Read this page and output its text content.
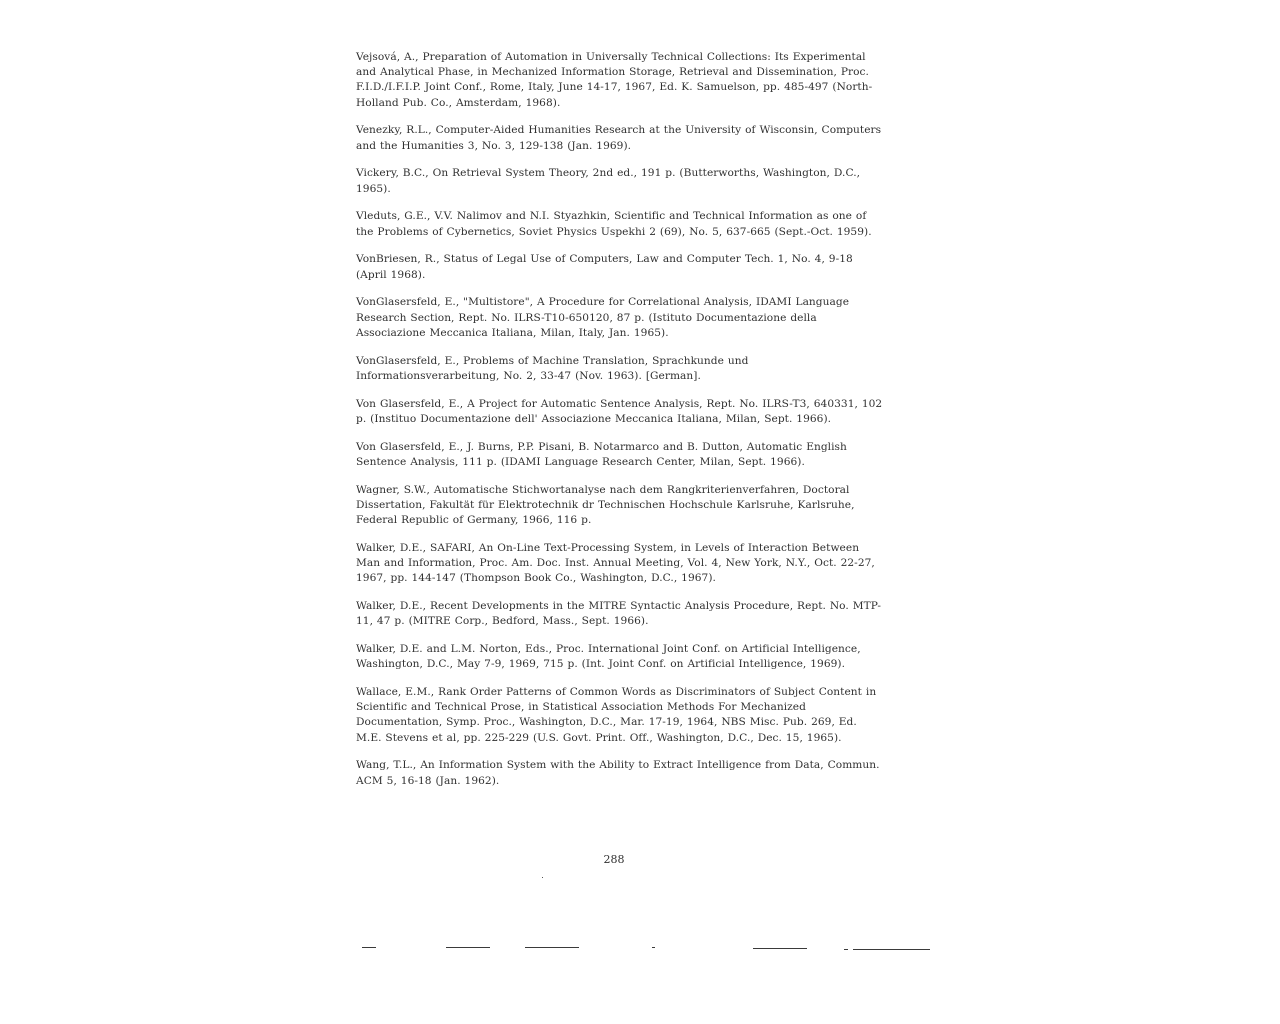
Vejsová, A., Preparation of Automation in Universally Technical Collections: Its Experimental and Analytical Phase, in Mechanized Information Storage, Retrieval and Dissemination, Proc. F.I.D./I.F.I.P. Joint Conf., Rome, Italy, June 14-17, 1967, Ed. K. Samuelson, pp. 485-497 (North-Holland Pub. Co., Amsterdam, 1968).

Venezky, R.L., Computer-Aided Humanities Research at the University of Wisconsin, Computers and the Humanities 3, No. 3, 129-138 (Jan. 1969).

Vickery, B.C., On Retrieval System Theory, 2nd ed., 191 p. (Butterworths, Washington, D.C., 1965).

Vleduts, G.E., V.V. Nalimov and N.I. Styazhkin, Scientific and Technical Information as one of the Problems of Cybernetics, Soviet Physics Uspekhi 2 (69), No. 5, 637-665 (Sept.-Oct. 1959).

VonBriesen, R., Status of Legal Use of Computers, Law and Computer Tech. 1, No. 4, 9-18 (April 1968).

VonGlasersfeld, E., "Multistore", A Procedure for Correlational Analysis, IDAMI Language Research Section, Rept. No. ILRS-T10-650120, 87 p. (Istituto Documentazione della Associazione Meccanica Italiana, Milan, Italy, Jan. 1965).

VonGlasersfeld, E., Problems of Machine Translation, Sprachkunde und Informationsverarbeitung, No. 2, 33-47 (Nov. 1963). [German].

Von Glasersfeld, E., A Project for Automatic Sentence Analysis, Rept. No. ILRS-T3, 640331, 102 p. (Instituo Documentazione dell' Associazione Meccanica Italiana, Milan, Sept. 1966).

Von Glasersfeld, E., J. Burns, P.P. Pisani, B. Notarmarco and B. Dutton, Automatic English Sentence Analysis, 111 p. (IDAMI Language Research Center, Milan, Sept. 1966).

Wagner, S.W., Automatische Stichwortanalyse nach dem Rangkriterienverfahren, Doctoral Dissertation, Fakultät für Elektrotechnik dr Technischen Hochschule Karlsruhe, Karlsruhe, Federal Republic of Germany, 1966, 116 p.

Walker, D.E., SAFARI, An On-Line Text-Processing System, in Levels of Interaction Between Man and Information, Proc. Am. Doc. Inst. Annual Meeting, Vol. 4, New York, N.Y., Oct. 22-27, 1967, pp. 144-147 (Thompson Book Co., Washington, D.C., 1967).

Walker, D.E., Recent Developments in the MITRE Syntactic Analysis Procedure, Rept. No. MTP-11, 47 p. (MITRE Corp., Bedford, Mass., Sept. 1966).

Walker, D.E. and L.M. Norton, Eds., Proc. International Joint Conf. on Artificial Intelligence, Washington, D.C., May 7-9, 1969, 715 p. (Int. Joint Conf. on Artificial Intelligence, 1969).

Wallace, E.M., Rank Order Patterns of Common Words as Discriminators of Subject Content in Scientific and Technical Prose, in Statistical Association Methods For Mechanized Documentation, Symp. Proc., Washington, D.C., Mar. 17-19, 1964, NBS Misc. Pub. 269, Ed. M.E. Stevens et al, pp. 225-229 (U.S. Govt. Print. Off., Washington, D.C., Dec. 15, 1965).

Wang, T.L., An Information System with the Ability to Extract Intelligence from Data, Commun. ACM 5, 16-18 (Jan. 1962).

288
